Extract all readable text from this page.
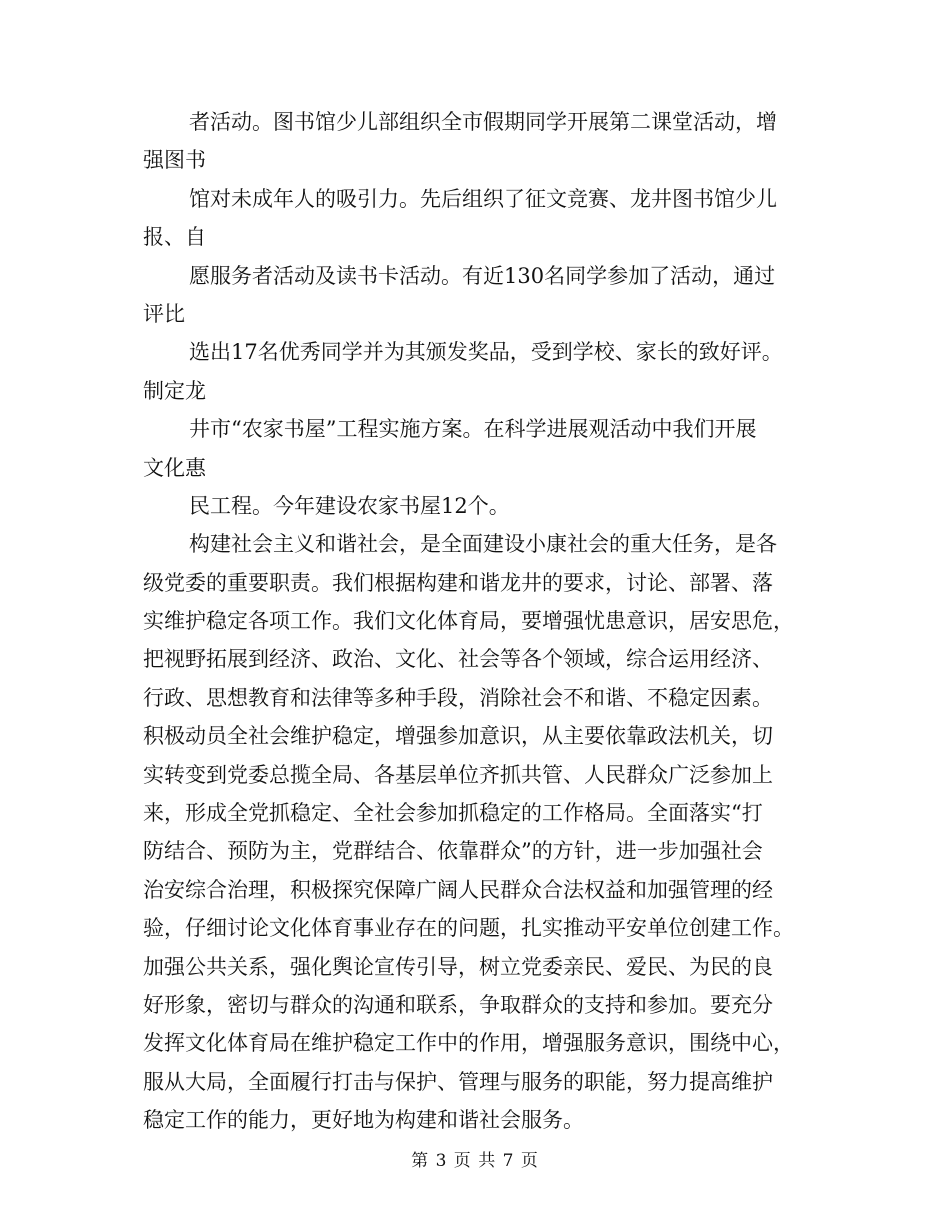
者活动。图书馆少儿部组织全市假期同学开展第二课堂活动，增
强图书
馆对未成年人的吸引力。先后组织了征文竞赛、龙井图书馆少儿
报、自
愿服务者活动及读书卡活动。有近130名同学参加了活动，通过
评比
选出17名优秀同学并为其颁发奖品，受到学校、家长的致好评。
制定龙
井市“农家书屋”工程实施方案。在科学进展观活动中我们开展
文化惠
民工程。今年建设农家书屋12个。
构建社会主义和谐社会，是全面建设小康社会的重大任务，是各
级党委的重要职责。我们根据构建和谐龙井的要求，讨论、部署、落
实维护稳定各项工作。我们文化体育局，要增强忧患意识，居安思危，
把视野拓展到经济、政治、文化、社会等各个领域，综合运用经济、
行政、思想教育和法律等多种手段，消除社会不和谐、不稳定因素。
积极动员全社会维护稳定，增强参加意识，从主要依靠政法机关，切
实转变到党委总揽全局、各基层单位齐抓共管、人民群众广泛参加上
来，形成全党抓稳定、全社会参加抓稳定的工作格局。全面落实“打
防结合、预防为主，党群结合、依靠群众”的方针，进一步加强社会
治安综合治理，积极探究保障广阔人民群众合法权益和加强管理的经
验，仔细讨论文化体育事业存在的问题，扎实推动平安单位创建工作。
加强公共关系，强化舆论宣传引导，树立党委亲民、爱民、为民的良
好形象，密切与群众的沟通和联系，争取群众的支持和参加。要充分
发挥文化体育局在维护稳定工作中的作用，增强服务意识，围绕中心，
服从大局，全面履行打击与保护、管理与服务的职能，努力提高维护
稳定工作的能力，更好地为构建和谐社会服务。
第 3 页 共 7 页
